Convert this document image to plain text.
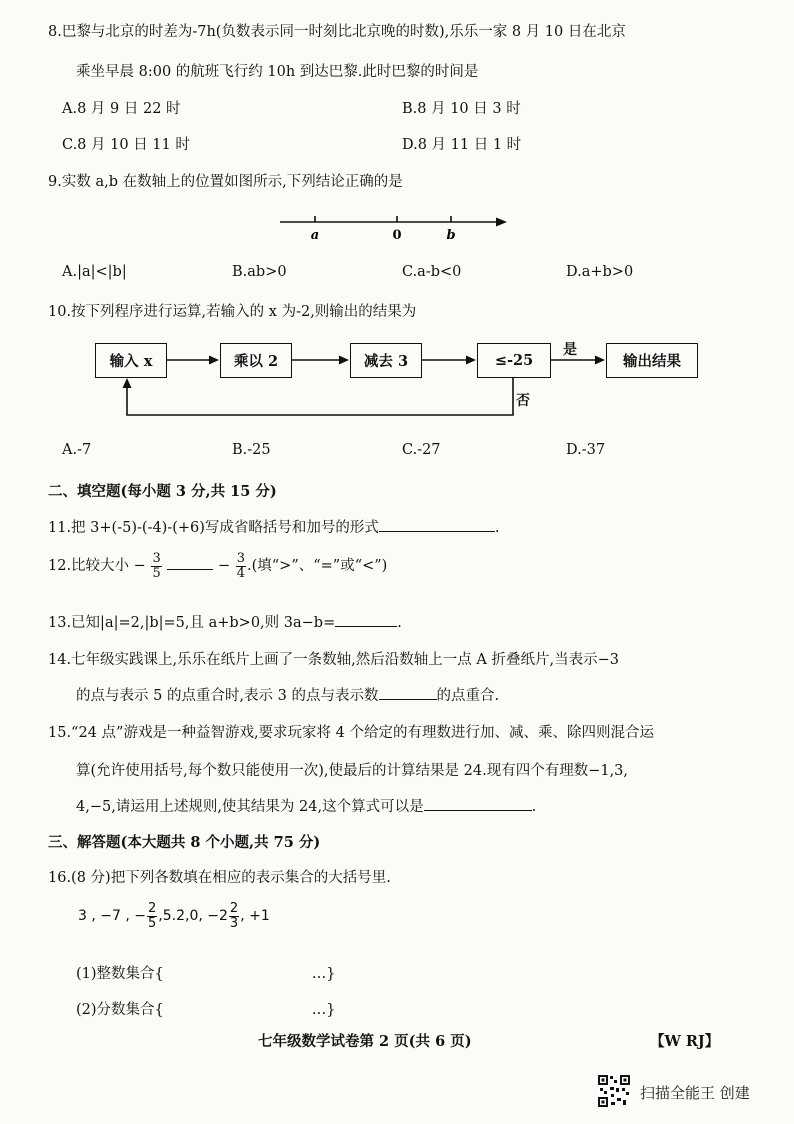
8.巴黎与北京的时差为-7h(负数表示同一时刻比北京晚的时数),乐乐一家 8 月 10 日在北京
乘坐早晨 8:00 的航班飞行约 10h 到达巴黎.此时巴黎的时间是
A.8 月 9 日 22 时	B.8 月 10 日 3 时
C.8 月 10 日 11 时	D.8 月 11 日 1 时
9.实数 a,b 在数轴上的位置如图所示,下列结论正确的是
a	0	b
A.|a|<|b|	B.ab>0	C.a-b<0	D.a+b>0
10.按下列程序进行运算,若输入的 x 为-2,则输出的结果为
输入 x	乘以 2	减去 3	≤-25	输出结果
是
否
A.-7	B.-25	C.-27	D.-37
二、填空题(每小题 3 分,共 15 分)
11.把 3+(-5)-(-4)-(+6)写成省略括号和加号的形式	.
12.比较大小 − $\frac{3}{5}$	− $\frac{3}{4}$ .(填“>”、“=”或“<”)
13.已知|a|=2,|b|=5,且 a+b>0,则 3a−b=	.
14.七年级实践课上,乐乐在纸片上画了一条数轴,然后沿数轴上一点 A 折叠纸片,当表示−3
的点与表示 5 的点重合时,表示 3 的点与表示数	的点重合.
15.“24 点”游戏是一种益智游戏,要求玩家将 4 个给定的有理数进行加、减、乘、除四则混合运
算(允许使用括号,每个数只能使用一次),使最后的计算结果是 24.现有四个有理数−1,3,
4,−5,请运用上述规则,使其结果为 24,这个算式可以是	.
三、解答题(本大题共 8 个小题,共 75 分)
16.(8 分)把下列各数填在相应的表示集合的大括号里.
3 , −7 , − $\frac{2}{5}$ ,5.2̇,0, $-2 \frac{2}{3}$ , +1
(1)整数集合{	…}
(2)分数集合{	…}
七年级数学试卷第 2 页(共 6 页)	【W RJ】
扫描全能王 创建
